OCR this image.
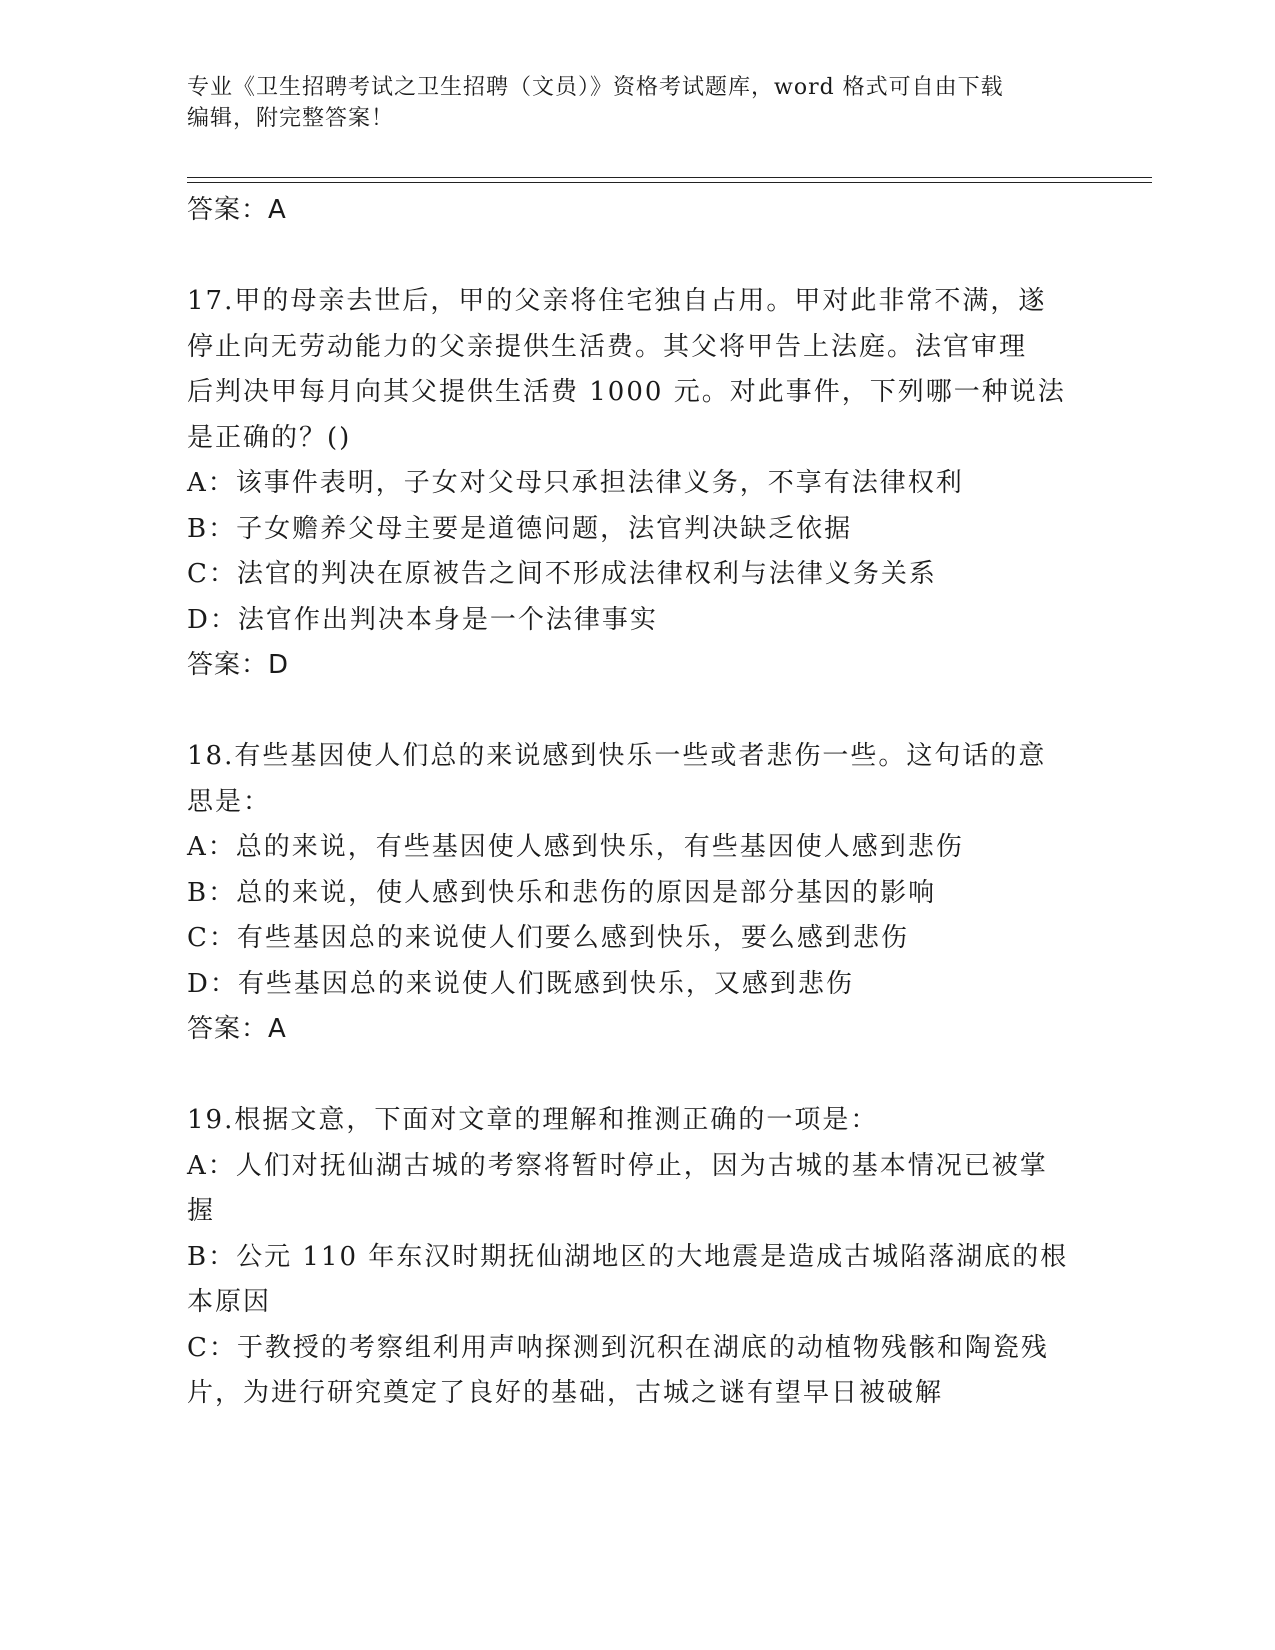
专业《卫生招聘考试之卫生招聘（文员）》资格考试题库，word 格式可自由下载
编辑，附完整答案！
答案：A
17.甲的母亲去世后，甲的父亲将住宅独自占用。甲对此非常不满，遂
停止向无劳动能力的父亲提供生活费。其父将甲告上法庭。法官审理
后判决甲每月向其父提供生活费 1000 元。对此事件，下列哪一种说法
是正确的？()
A：该事件表明，子女对父母只承担法律义务，不享有法律权利
B：子女赡养父母主要是道德问题，法官判决缺乏依据
C：法官的判决在原被告之间不形成法律权利与法律义务关系
D：法官作出判决本身是一个法律事实
答案：D
18.有些基因使人们总的来说感到快乐一些或者悲伤一些。这句话的意
思是：
A：总的来说，有些基因使人感到快乐，有些基因使人感到悲伤
B：总的来说，使人感到快乐和悲伤的原因是部分基因的影响
C：有些基因总的来说使人们要么感到快乐，要么感到悲伤
D：有些基因总的来说使人们既感到快乐，又感到悲伤
答案：A
19.根据文意，下面对文章的理解和推测正确的一项是：
A：人们对抚仙湖古城的考察将暂时停止，因为古城的基本情况已被掌
握
B：公元 110 年东汉时期抚仙湖地区的大地震是造成古城陷落湖底的根
本原因
C：于教授的考察组利用声呐探测到沉积在湖底的动植物残骸和陶瓷残
片，为进行研究奠定了良好的基础，古城之谜有望早日被破解
